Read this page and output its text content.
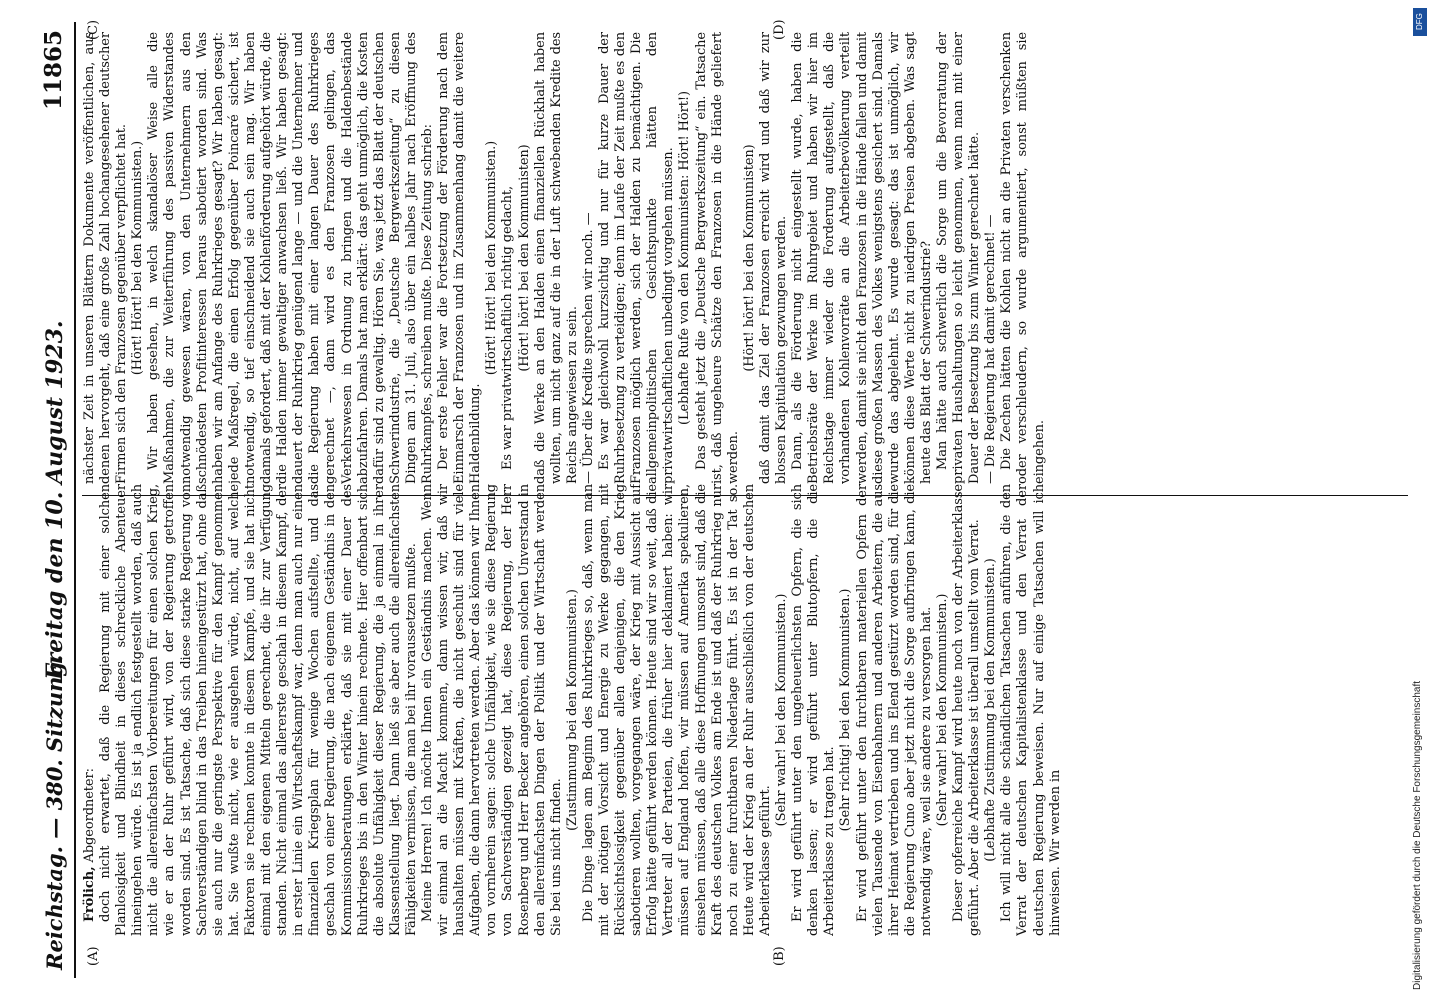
Reichstag. — 380. Sitzung.
Freitag den 10. August 1923.
11865
(A)	(B)
(C)	(D)

Frölich, Abgeordneter: doch nicht erwartet, daß die Regierung mit einer solchen Planlosigkeit und Blindheit in dieses schreckliche Abenteuer hineingehen würde. Es ist ja endlich festgestellt worden, daß auch nicht die allereinfachsten Vorbereitungen für einen solchen Krieg, wie er an der Ruhr geführt wird, von der Regierung getroffen worden sind. Es ist Tatsache, daß sich diese starke Regierung von Sachverständigen blind in das Treiben hineingestürzt hat, ohne daß sie auch nur die geringste Perspektive für den Kampf genommen hat. Sie wußte nicht, wie er ausgehen würde, nicht, auf welche Faktoren sie rechnen konnte in diesem Kampfe, und sie hat nicht einmal mit den eigenen Mitteln gerechnet, die ihr zur Verfügung standen. Nicht einmal das allererste geschah in diesem Kampf, der in erster Linie ein Wirtschaftskampf war, denn man auch nur einen finanziellen Kriegsplan für wenige Wochen aufstellte, und das geschah von einer Regierung, die nach eigenem Geständnis in den Kommissionsberatungen erklärte, daß sie mit einer Dauer des Ruhrkrieges bis in den Winter hinein rechnete. Hier offenbart sich die absolute Unfähigkeit dieser Regierung, die ja einmal in ihrer Klassenstellung liegt. Dann ließ sie aber auch die allereinfachsten Fähigkeiten vermissen, die man bei ihr voraussetzen mußte. Meine Herren! Ich möchte Ihnen ein Geständnis machen. Wenn wir einmal an die Macht kommen, dann wissen wir, daß wir haushalten müssen mit Kräften, die nicht geschult sind für viele Aufgaben, die dann hervortreten werden. Aber das können wir Ihnen von vornherein sagen: solche Unfähigkeit, wie sie diese Regierung von Sachverständigen gezeigt hat, diese Regierung, der Herr Rosenberg und Herr Becker angehören, einen solchen Unverstand in den allereinfachsten Dingen der Politik und der Wirtschaft werden Sie bei uns nicht finden.

(Zustimmung bei den Kommunisten.) Die Dinge lagen am Beginn des Ruhrkrieges so, daß, wenn man mit der nötigen Vorsicht und Energie zu Werke gegangen, mit Rücksichtslosigkeit gegenüber allen denjenigen, die den Krieg sabotieren wollten, vorgegangen wäre, der Krieg mit Aussicht auf Erfolg hätte geführt werden können. Heute sind wir so weit, daß die Vertreter all der Parteien, die früher hier deklamiert haben: wir müssen auf England hoffen, wir müssen auf Amerika spekulieren, einsehen müssen, daß alle diese Hoffnungen umsonst sind, daß die Kraft des deutschen Volkes am Ende ist und daß der Ruhrkrieg nur noch zu einer furchtbaren Niederlage führt. Es ist in der Tat so. Heute wird der Krieg an der Ruhr ausschließlich von der deutschen Arbeiterklasse geführt.

(Sehr wahr! bei den Kommunisten.) Er wird geführt unter den ungeheuerlichsten Opfern, die sich denken lassen; er wird geführt unter Blutopfern, die die Arbeiterklasse zu tragen hat.

(Sehr richtig! bei den Kommunisten.) Er wird geführt unter den furchtbaren materiellen Opfern der vielen Tausende von Eisenbahnern und anderen Arbeitern, die aus ihrer Heimat vertrieben und ins Elend gestürzt worden sind, für die die Regierung Cuno aber jetzt nicht die Sorge aufbringen kann, die notwendig wäre, weil sie andere zu versorgen hat. (Sehr wahr! bei den Kommunisten.) Dieser opferreiche Kampf wird heute noch von der Arbeiterklasse geführt. Aber die Arbeiterklasse ist überall umstellt vom Verrat. (Lebhafte Zustimmung bei den Kommunisten.) Ich will nicht alle die schändlichen Tatsachen anführen, die den Verrat der deutschen Kapitalistenklasse und den Verrat der deutschen Regierung beweisen. Nur auf einige Tatsachen will ich hinweisen. Wir werden in

nächster Zeit in unseren Blättern Dokumente veröffentlichen, aus denen hervorgeht, daß eine große Zahl hochangesehener deutscher Firmen sich den Franzosen gegenüber verpflichtet hat. (Hört! Hört! bei den Kommunisten.) Wir haben gesehen, in welch skandalöser Weise alle die Maßnahmen, die zur Weiterführung des passiven Widerstandes notwendig gewesen wären, von den Unternehmern aus den schnödesten Profitinteressen heraus sabotiert worden sind. Was haben wir am Anfange des Ruhrkrieges gesagt? Wir haben gesagt: jede Maßregel, die einen Erfolg gegenüber Poincaré sichert, ist notwendig, so tief einschneidend sie auch sein mag. Wir haben damals gefordert, daß mit der Kohlenförderung aufgehört würde, die die Halden immer gewaltiger anwachsen ließ. Wir haben gesagt: dauert der Ruhrkrieg genügend lange — und die Unternehmer und die Regierung haben mit einer langen Dauer des Ruhrkrieges gerechnet —, dann wird es den Franzosen gelingen, das Verkehrswesen in Ordnung zu bringen und die Haldenbestände abzufahren. Damals hat man erklärt: das geht unmöglich, die Kosten dafür sind zu gewaltig. Hören Sie, was jetzt das Blatt der deutschen Schwerindustrie, die „Deutsche Bergwerkszeitung“ zu diesen Dingen am 31. Juli, also über ein halbes Jahr nach Eröffnung des Ruhrkampfes, schreiben mußte. Diese Zeitung schrieb: Der erste Fehler war die Fortsetzung der Förderung nach dem Einmarsch der Franzosen und im Zusammenhang damit die weitere Haldenbildung.

(Hört! Hört! bei den Kommunisten.) Es war privatwirtschaftlich richtig gedacht, (Hört! hört! bei den Kommunisten) daß die Werke an den Halden einen finanziellen Rückhalt haben wollten, um nicht ganz auf die in der Luft schwebenden Kredite des Reichs angewiesen zu sein. — Über die Kredite sprechen wir noch. — Es war gleichwohl kurzsichtig und nur für kurze Dauer der Ruhrbesetzung zu verteidigen; denn im Laufe der Zeit mußte es den Franzosen möglich werden, sich der Halden zu bemächtigen. Die allgemeinpolitischen Gesichtspunkte hätten den privatwirtschaftlichen unbedingt vorgehen müssen. (Lebhafte Rufe von den Kommunisten: Hört! Hört!) Das gesteht jetzt die „Deutsche Bergwerkszeitung“ ein. Tatsache ist, daß ungeheure Schätze den Franzosen in die Hände geliefert werden.

(Hört! hört! bei den Kommunisten) daß damit das Ziel der Franzosen erreicht wird und daß wir zur blossen Kapitulation gezwungen werden. Dann, als die Förderung nicht eingestellt wurde, haben die Betriebsräte der Werke im Ruhrgebiet und haben wir hier im Reichstage immer wieder die Forderung aufgestellt, daß die vorhandenen Kohlenvorräte an die Arbeiterbevölkerung verteilt werden, damit sie nicht den Franzosen in die Hände fallen und damit diese großen Massen des Volkes wenigstens gesichert sind. Damals wurde das abgelehnt. Es wurde gesagt: das ist unmöglich, wir können diese Werte nicht zu niedrigen Preisen abgeben. Was sagt heute das Blatt der Schwerindustrie? Man hätte auch schwerlich die Sorge um die Bevorratung der privaten Haushaltungen so leicht genommen, wenn man mit einer Dauer der Besetzung bis zum Winter gerechnet hätte. — Die Regierung hat damit gerechnet! — Die Zechen hätten die Kohlen nicht an die Privaten verschenken oder verschleudern, so wurde argumentiert, sonst müßten sie eingehen.

Digitalisierung gefördert durch die Deutsche Forschungsgemeinschaft
DFG
